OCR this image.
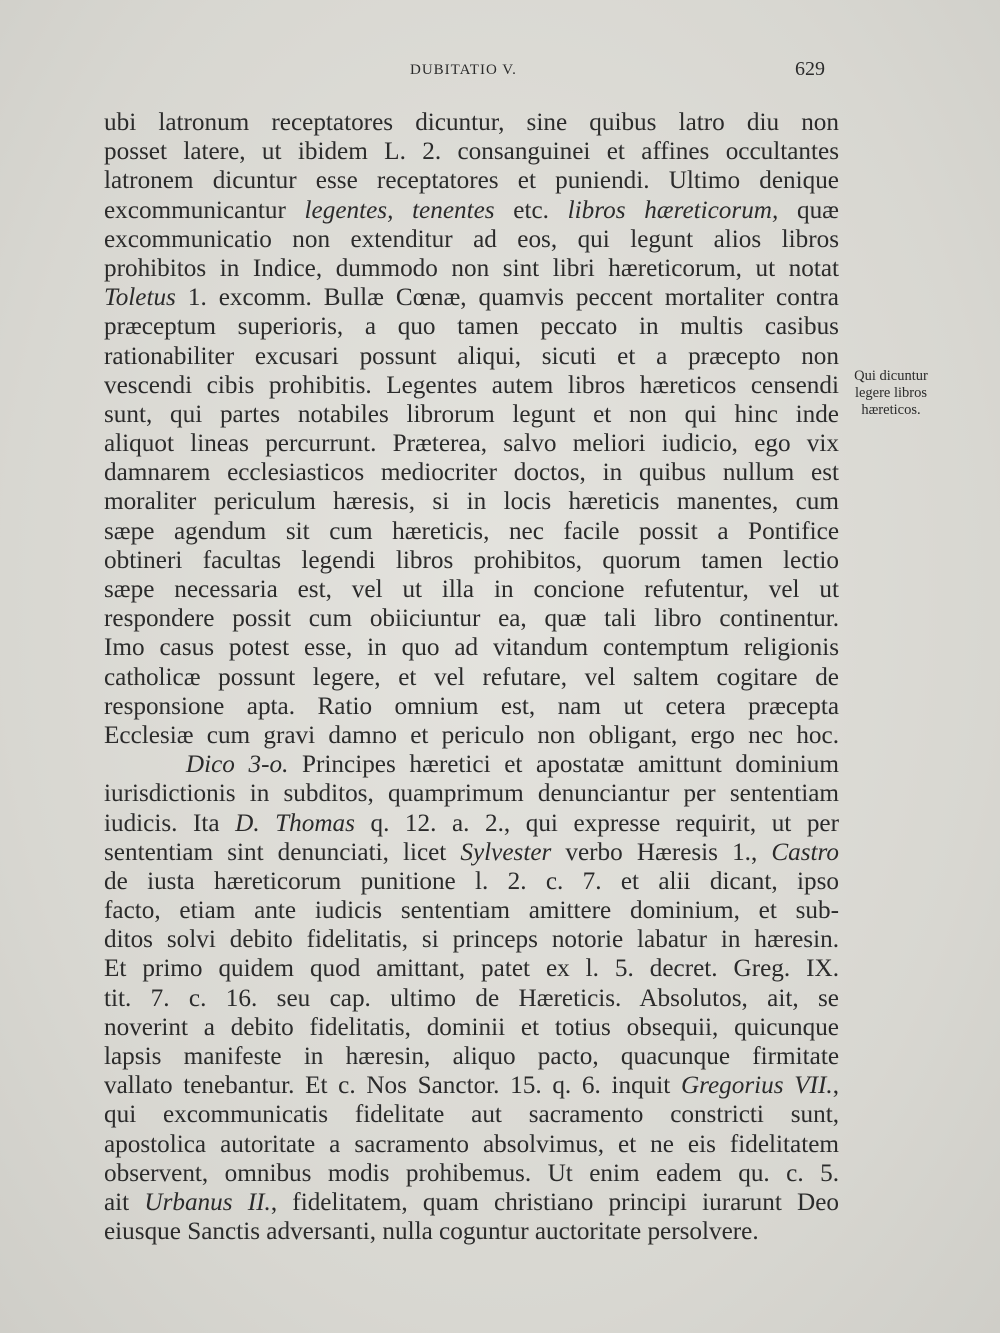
DUBITATIO V.	629
ubi latronum receptatores dicuntur, sine quibus latro diu non
posset latere, ut ibidem L. 2. consanguinei et affines occultantes
latronem dicuntur esse receptatores et puniendi. Ultimo denique
excommunicantur legentes, tenentes etc. libros hæreticorum, quæ
excommunicatio non extenditur ad eos, qui legunt alios libros
prohibitos in Indice, dummodo non sint libri hæreticorum, ut notat
Toletus 1. excomm. Bullæ Cœnæ, quamvis peccent mortaliter contra
præceptum superioris, a quo tamen peccato in multis casibus
rationabiliter excusari possunt aliqui, sicuti et a præcepto non
vescendi cibis prohibitis. Legentes autem libros hæreticos censendi
sunt, qui partes notabiles librorum legunt et non qui hinc inde
aliquot lineas percurrunt. Præterea, salvo meliori iudicio, ego vix
damnarem ecclesiasticos mediocriter doctos, in quibus nullum est
moraliter periculum hæresis, si in locis hæreticis manentes, cum
sæpe agendum sit cum hæreticis, nec facile possit a Pontifice
obtineri facultas legendi libros prohibitos, quorum tamen lectio
sæpe necessaria est, vel ut illa in concione refutentur, vel ut
respondere possit cum obiiciuntur ea, quæ tali libro continentur.
Imo casus potest esse, in quo ad vitandum contemptum religionis
catholicæ possunt legere, et vel refutare, vel saltem cogitare de
responsione apta. Ratio omnium est, nam ut cetera præcepta
Ecclesiæ cum gravi damno et periculo non obligant, ergo nec hoc.
Dico 3-o. Principes hæretici et apostatæ amittunt dominium
iurisdictionis in subditos, quamprimum denunciantur per sententiam
iudicis. Ita D. Thomas q. 12. a. 2., qui expresse requirit, ut per
sententiam sint denunciati, licet Sylvester verbo Hæresis 1., Castro
de iusta hæreticorum punitione l. 2. c. 7. et alii dicant, ipso
facto, etiam ante iudicis sententiam amittere dominium, et sub-
ditos solvi debito fidelitatis, si princeps notorie labatur in hæresin.
Et primo quidem quod amittant, patet ex l. 5. decret. Greg. IX.
tit. 7. c. 16. seu cap. ultimo de Hæreticis. Absolutos, ait, se
noverint a debito fidelitatis, dominii et totius obsequii, quicunque
lapsis manifeste in hæresin, aliquo pacto, quacunque firmitate
vallato tenebantur. Et c. Nos Sanctor. 15. q. 6. inquit Gregorius VII.,
qui excommunicatis fidelitate aut sacramento constricti sunt,
apostolica autoritate a sacramento absolvimus, et ne eis fidelitatem
observent, omnibus modis prohibemus. Ut enim eadem qu. c. 5.
ait Urbanus II., fidelitatem, quam christiano principi iurarunt Deo
eiusque Sanctis adversanti, nulla coguntur auctoritate persolvere.
Qui dicuntur
legere libros
hæreticos.
